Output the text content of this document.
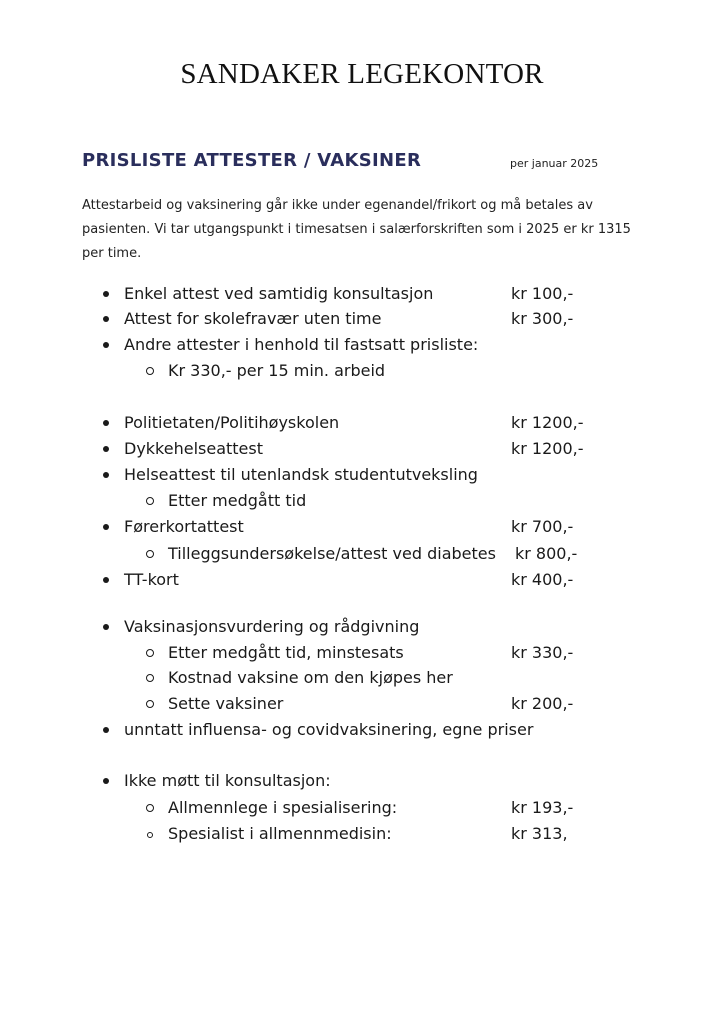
SANDAKER LEGEKONTOR
PRISLISTE ATTESTER / VAKSINER	per januar 2025

Attestarbeid og vaksinering går ikke under egenandel/frikort og må betales av pasienten. Vi tar utgangspunkt i timesatsen i salærforskriften som i 2025 er kr 1315 per time.

Enkel attest ved samtidig konsultasjon	kr 100,-
Attest for skolefravær uten time	kr 300,-
Andre attester i henhold til fastsatt prisliste:
Kr 330,- per 15 min. arbeid
Politietaten/Politihøyskolen	kr 1200,-
Dykkehelseattest	kr 1200,-
Helseattest til utenlandsk studentutveksling
Etter medgått tid
Førerkortattest	kr 700,-
Tilleggsundersøkelse/attest ved diabetes kr 800,-
TT-kort	kr 400,-
Vaksinasjonsvurdering og rådgivning
Etter medgått tid, minstesats	kr 330,-
Kostnad vaksine om den kjøpes her
Sette vaksiner	kr 200,-
unntatt influensa- og covidvaksinering, egne priser
Ikke møtt til konsultasjon:
Allmennlege i spesialisering:	kr 193,-
Spesialist i allmennmedisin:	kr 313,
